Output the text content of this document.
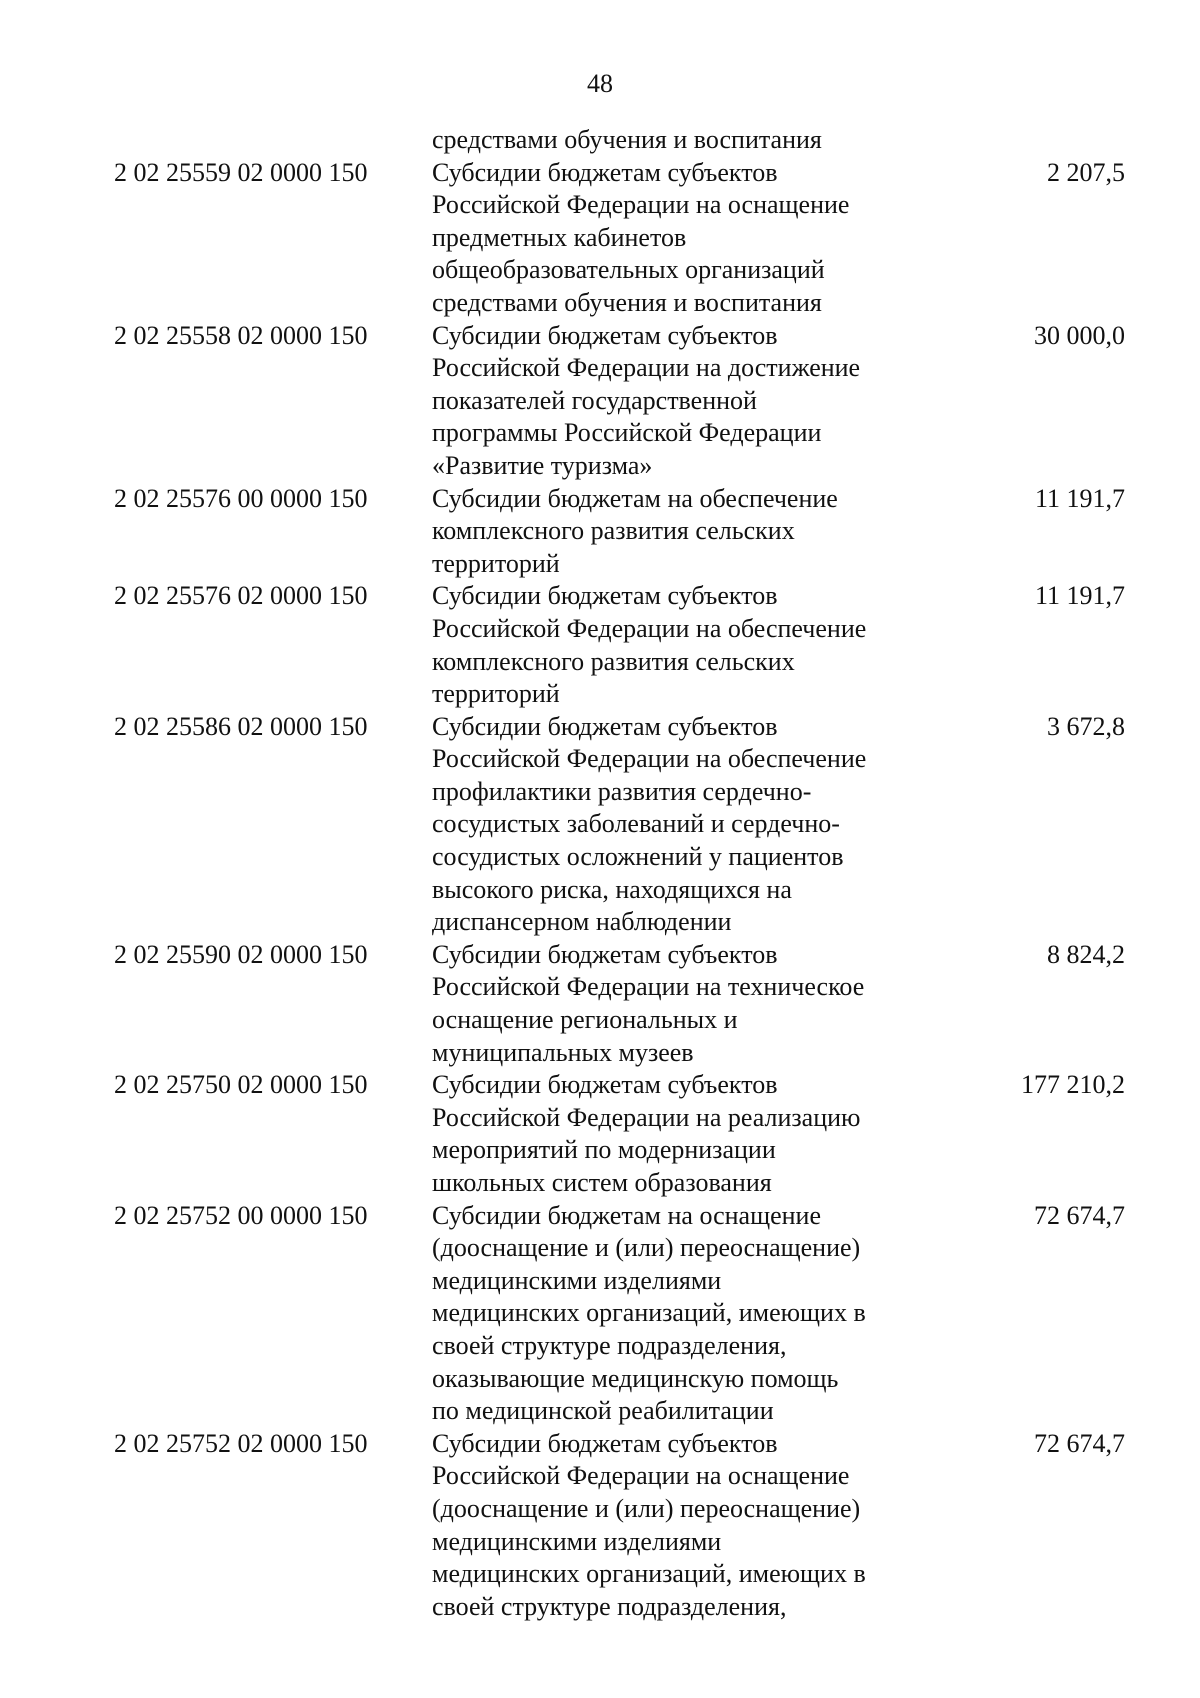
48
средствами обучения и воспитания
2 02 25559 02 0000 150 Субсидии бюджетам субъектов
Российской Федерации на оснащение
предметных кабинетов
общеобразовательных организаций
средствами обучения и воспитания
2 207,5
2 02 25558 02 0000 150 Субсидии бюджетам субъектов
Российской Федерации на достижение
показателей государственной
программы Российской Федерации
«Развитие туризма»
30 000,0
2 02 25576 00 0000 150 Субсидии бюджетам на обеспечение
комплексного развития сельских
территорий
11 191,7
2 02 25576 02 0000 150 Субсидии бюджетам субъектов
Российской Федерации на обеспечение
комплексного развития сельских
территорий
11 191,7
2 02 25586 02 0000 150 Субсидии бюджетам субъектов
Российской Федерации на обеспечение
профилактики развития сердечно-
сосудистых заболеваний и сердечно-
сосудистых осложнений у пациентов
высокого риска, находящихся на
диспансерном наблюдении
3 672,8
2 02 25590 02 0000 150 Субсидии бюджетам субъектов
Российской Федерации на техническое
оснащение региональных и
муниципальных музеев
8 824,2
2 02 25750 02 0000 150 Субсидии бюджетам субъектов
Российской Федерации на реализацию
мероприятий по модернизации
школьных систем образования
177 210,2
2 02 25752 00 0000 150 Субсидии бюджетам на оснащение
(дооснащение и (или) переоснащение)
медицинскими изделиями
медицинских организаций, имеющих в
своей структуре подразделения,
оказывающие медицинскую помощь
по медицинской реабилитации
72 674,7
2 02 25752 02 0000 150 Субсидии бюджетам субъектов
Российской Федерации на оснащение
(дооснащение и (или) переоснащение)
медицинскими изделиями
медицинских организаций, имеющих в
своей структуре подразделения,
72 674,7
